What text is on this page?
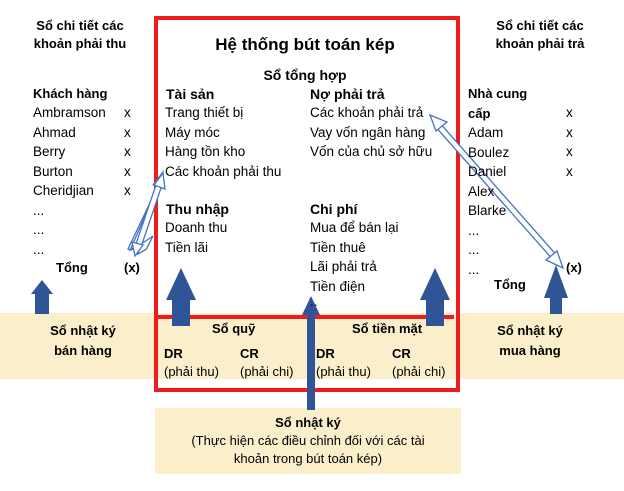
Hệ thống bút toán kép
Sổ tổng hợp
Tài sản
Trang thiết bị
Máy móc
Hàng tồn kho
Các khoản phải thu
Nợ phải trả
Các khoản phải trả
Vay vốn ngân hàng
Vốn của chủ sở hữu
Thu nhập
Doanh thu
Tiền lãi
Chi phí
Mua để bán lại
Tiền thuê
Lãi phải trả
Tiền điện
..
Sổ chi tiết các
khoản phải thu
Khách hàng
Ambramson
Ahmad
Berry
Burton
Cheridjian
...
...
...
x
x
x
x
x
Tổng	(x)
Sổ chi tiết các
khoản phải trả
Nhà cung
cấp
Adam
Boulez
Daniel
Alex
Blarke
...
...
...
x
x
x
x
Tổng
(x)
Sổ nhật ký
bán hàng
Sổ nhật ký
mua hàng
Sổ quỹ
DR
(phải thu)
CR
(phải chi)
Sổ tiền mặt
DR
(phải thu)
CR
(phải chi)
Sổ nhật ký
(Thực hiện các điều chỉnh đối với các tài
khoản trong bút toán kép)
